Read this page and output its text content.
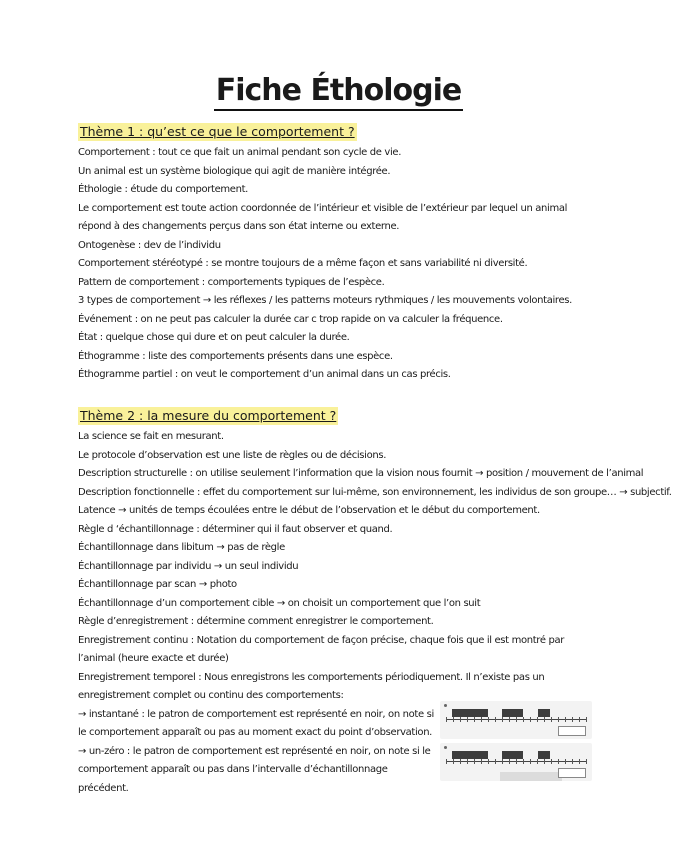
Fiche Éthologie
Thème 1 : qu’est ce que le comportement ?
Comportement : tout ce que fait un animal pendant son cycle de vie.
Un animal est un système biologique qui agit de manière intégrée.
Éthologie : étude du comportement.
Le comportement est toute action coordonnée de l’intérieur et visible de l’extérieur par lequel un animal répond à des changements perçus dans son état interne ou externe.
Ontogenèse : dev de l’individu
Comportement stéréotypé : se montre toujours de a même façon et sans variabilité ni diversité.
Pattern de comportement : comportements typiques de l’espèce.
3 types de comportement → les réflexes / les patterns moteurs rythmiques / les mouvements volontaires.
Événement : on ne peut pas calculer la durée car c trop rapide on va calculer la fréquence.
État : quelque chose qui dure et on peut calculer la durée.
Éthogramme : liste des comportements présents dans une espèce.
Éthogramme partiel : on veut le comportement d’un animal dans un cas précis.
Thème 2 : la mesure du comportement ?
La science se fait en mesurant.
Le protocole d’observation est une liste de règles ou de décisions.
Description structurelle : on utilise seulement l’information que la vision nous fournit → position / mouvement de l’animal
Description fonctionnelle : effet du comportement sur lui-même, son environnement, les individus de son groupe… → subjectif.
Latence → unités de temps écoulées entre le début de l’observation et le début du comportement.
Règle d ‘échantillonnage : déterminer qui il faut observer et quand.
Échantillonnage dans libitum → pas de règle
Échantillonnage par individu → un seul individu
Échantillonnage par scan → photo
Échantillonnage d’un comportement cible → on choisit un comportement que l’on suit
Règle d’enregistrement : détermine comment enregistrer le comportement.
Enregistrement continu : Notation du comportement de façon précise, chaque fois que il est montré par l’animal (heure exacte et durée)
Enregistrement temporel : Nous enregistrons les comportements périodiquement. Il n’existe pas un enregistrement complet ou continu des comportements:
→ instantané : le patron de comportement est représenté en noir, on note si le comportement apparaît ou pas au moment exact du point d’observation.
→ un-zéro : le patron de comportement est représenté en noir, on note si le comportement apparaît ou pas dans l’intervalle d’échantillonnage précédent.
